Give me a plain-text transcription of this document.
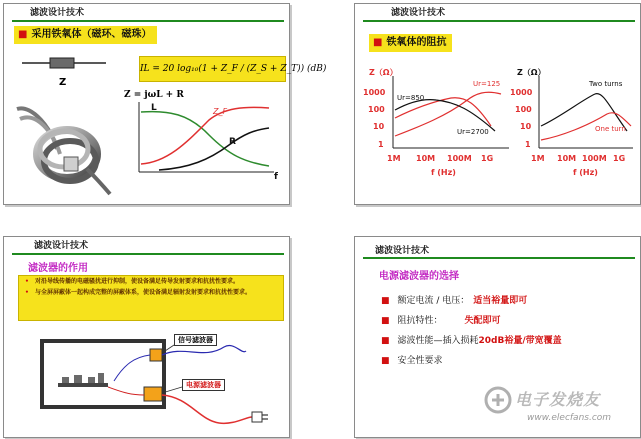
滤波设计技术
■ 采用铁氧体（磁环、磁珠）
Z
IL = 20 log₁₀(1 + Z_F / (Z_S + Z_T)) (dB)
Z = jωL + R
L	Z_F
R
f
滤波设计技术
■ 铁氧体的阻抗
Z（Ω）
1000
100
10
1
Ur=125
Ur=850
Ur=2700
1M 10M 100M 1G
f (Hz)
Z（Ω）
1000
100
10
1
Two turns
One turn
1M 10M 100M 1G
f (Hz)
滤波设计技术
滤波器的作用
• 对沿导线传播的电磁骚扰进行抑制，使设备满足传导发射要求和抗扰性要求。
• 与全屏屏蔽体一起构成完整的屏蔽体系，使设备满足辐射发射要求和抗扰性要求。
信号滤波器
电源滤波器
滤波设计技术
电源滤波器的选择
■ 额定电流 / 电压： 适当裕量即可
■ 阻抗特性： 失配即可
■ 滤波性能—插入损耗20dB裕量/带宽覆盖
■ 安全性要求
电子发烧友
www.elecfans.com
